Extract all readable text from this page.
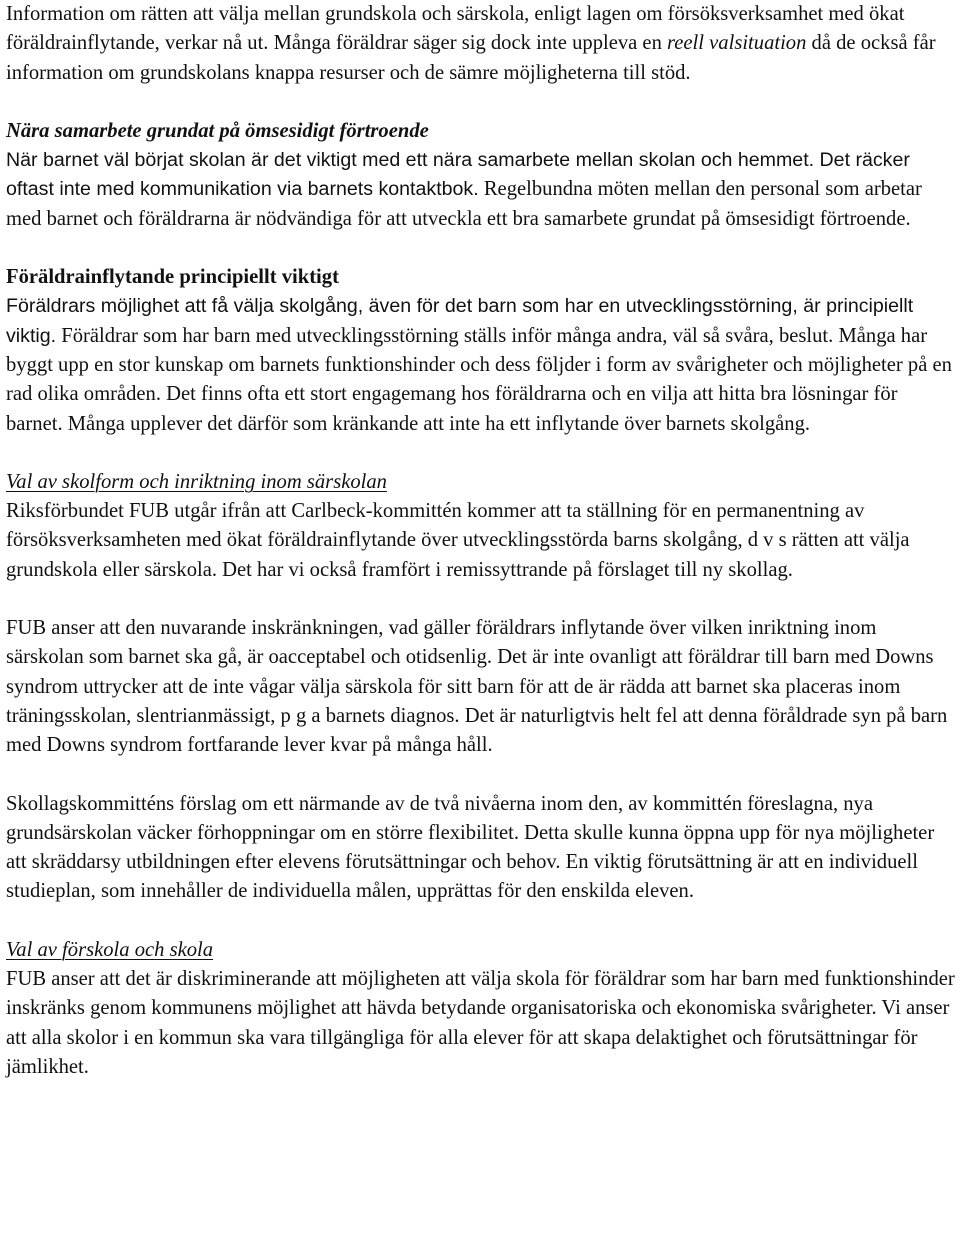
Information om rätten att välja mellan grundskola och särskola, enligt lagen om försöksverksamhet med ökat föräldrainflytande, verkar nå ut. Många föräldrar säger sig dock inte uppleva en reell valsituation då de också får information om grundskolans knappa resurser och de sämre möjligheterna till stöd.

Nära samarbete grundat på ömsesidigt förtroende

När barnet väl börjat skolan är det viktigt med ett nära samarbete mellan skolan och hemmet. Det räcker oftast inte med kommunikation via barnets kontaktbok. Regelbundna möten mellan den personal som arbetar med barnet och föräldrarna är nödvändiga för att utveckla ett bra samarbete grundat på ömsesidigt förtroende.

Föräldrainflytande principiellt viktigt

Föräldrars möjlighet att få välja skolgång, även för det barn som har en utvecklingsstörning, är principiellt viktig. Föräldrar som har barn med utvecklingsstörning ställs inför många andra, väl så svåra, beslut. Många har byggt upp en stor kunskap om barnets funktionshinder och dess följder i form av svårigheter och möjligheter på en rad olika områden. Det finns ofta ett stort engagemang hos föräldrarna och en vilja att hitta bra lösningar för barnet. Många upplever det därför som kränkande att inte ha ett inflytande över barnets skolgång.

Val av skolform och inriktning inom särskolan

Riksförbundet FUB utgår ifrån att Carlbeck-kommittén kommer att ta ställning för en permanentning av försöksverksamheten med ökat föräldrainflytande över utvecklingsstörda barns skolgång, d v s rätten att välja grundskola eller särskola. Det har vi också framfört i remissyttrande på förslaget till ny skollag.

FUB anser att den nuvarande inskränkningen, vad gäller föräldrars inflytande över vilken inriktning inom särskolan som barnet ska gå, är oacceptabel och otidsenlig. Det är inte ovanligt att föräldrar till barn med Downs syndrom uttrycker att de inte vågar välja särskola för sitt barn för att de är rädda att barnet ska placeras inom träningsskolan, slentrianmässigt, p g a barnets diagnos. Det är naturligtvis helt fel att denna föråldrade syn på barn med Downs syndrom fortfarande lever kvar på många håll.

Skollagskommitténs förslag om ett närmande av de två nivåerna inom den, av kommittén föreslagna, nya grundsärskolan väcker förhoppningar om en större flexibilitet. Detta skulle kunna öppna upp för nya möjligheter att skräddarsy utbildningen efter elevens förutsättningar och behov. En viktig förutsättning är att en individuell studieplan, som innehåller de individuella målen, upprättas för den enskilda eleven.

Val av förskola och skola

FUB anser att det är diskriminerande att möjligheten att välja skola för föräldrar som har barn med funktionshinder inskränks genom kommunens möjlighet att hävda betydande organisatoriska och ekonomiska svårigheter. Vi anser att alla skolor i en kommun ska vara tillgängliga för alla elever för att skapa delaktighet och förutsättningar för jämlikhet.
